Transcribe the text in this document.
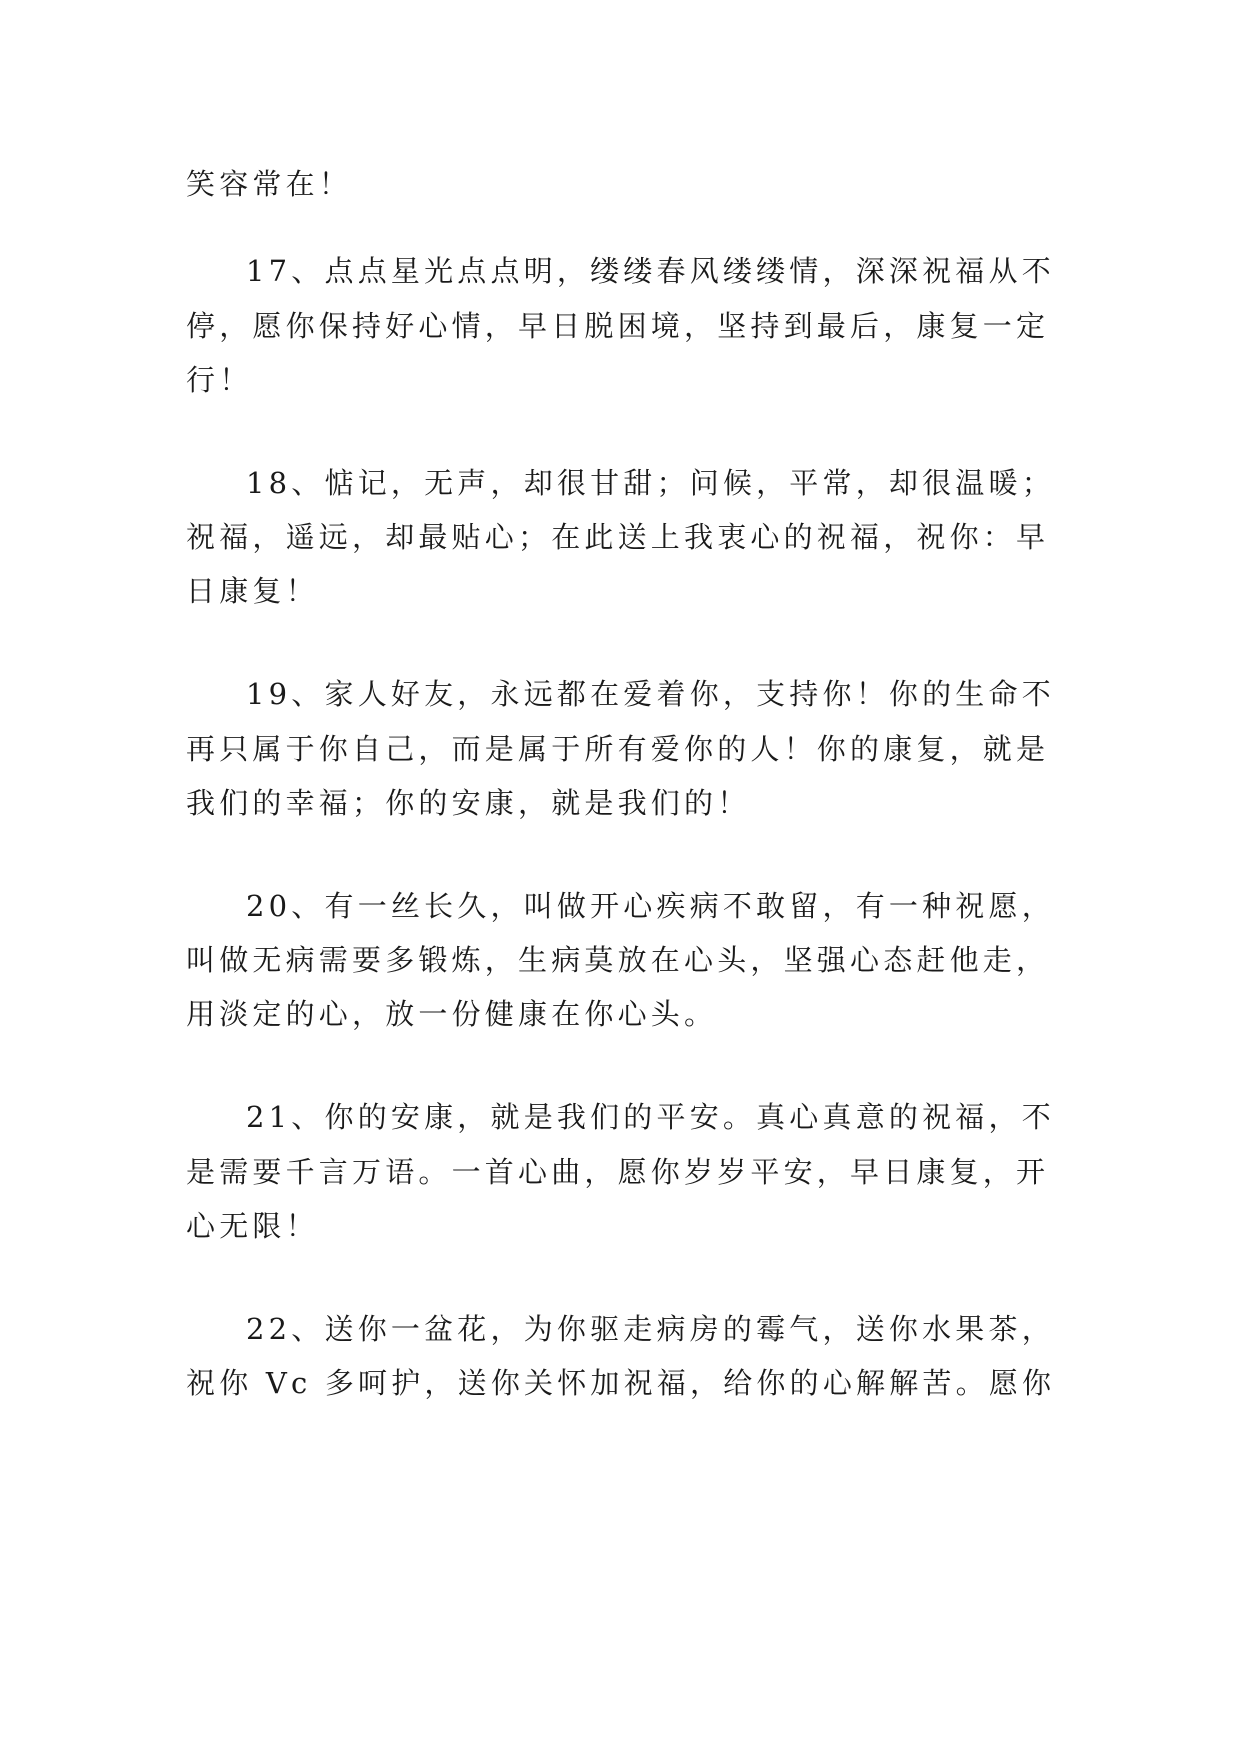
笑容常在！
17、点点星光点点明，缕缕春风缕缕情，深深祝福从不
停，愿你保持好心情，早日脱困境，坚持到最后，康复一定
行！
18、惦记，无声，却很甘甜；问候，平常，却很温暖；
祝福，遥远，却最贴心；在此送上我衷心的祝福，祝你：早
日康复！
19、家人好友，永远都在爱着你，支持你！你的生命不
再只属于你自己，而是属于所有爱你的人！你的康复，就是
我们的幸福；你的安康，就是我们的！
20、有一丝长久，叫做开心疾病不敢留，有一种祝愿，
叫做无病需要多锻炼，生病莫放在心头，坚强心态赶他走，
用淡定的心，放一份健康在你心头。
21、你的安康，就是我们的平安。真心真意的祝福，不
是需要千言万语。一首心曲，愿你岁岁平安，早日康复，开
心无限！
22、送你一盆花，为你驱走病房的霉气，送你水果茶，
祝你 Vc 多呵护，送你关怀加祝福，给你的心解解苦。愿你
